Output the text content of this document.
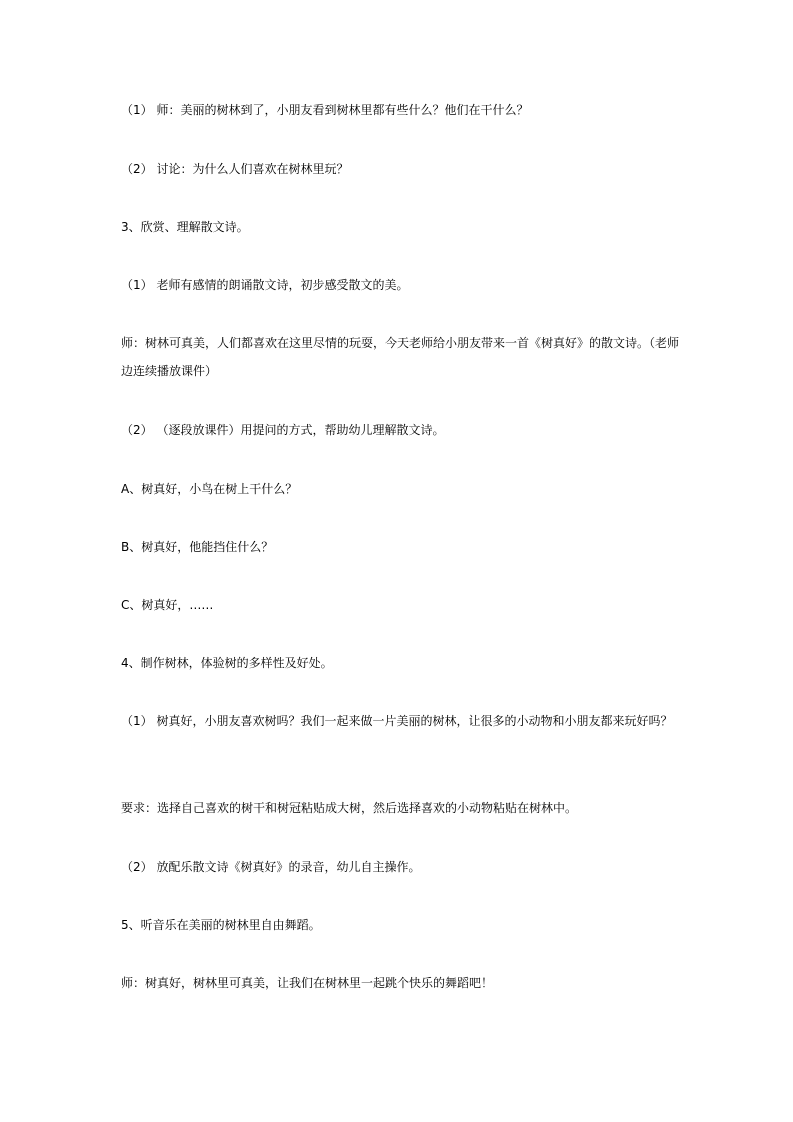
（1） 师：美丽的树林到了，小朋友看到树林里都有些什么？他们在干什么？
（2） 讨论：为什么人们喜欢在树林里玩？
3、欣赏、理解散文诗。
（1） 老师有感情的朗诵散文诗，初步感受散文的美。
师：树林可真美，人们都喜欢在这里尽情的玩耍，今天老师给小朋友带来一首《树真好》的散文诗。（老师边连续播放课件）
（2） （逐段放课件）用提问的方式，帮助幼儿理解散文诗。
A、树真好，小鸟在树上干什么？
B、树真好，他能挡住什么？
C、树真好，……
4、制作树林，体验树的多样性及好处。
（1） 树真好，小朋友喜欢树吗？我们一起来做一片美丽的树林，让很多的小动物和小朋友都来玩好吗？
要求：选择自己喜欢的树干和树冠粘贴成大树，然后选择喜欢的小动物粘贴在树林中。
（2） 放配乐散文诗《树真好》的录音，幼儿自主操作。
5、听音乐在美丽的树林里自由舞蹈。
师：树真好，树林里可真美，让我们在树林里一起跳个快乐的舞蹈吧！
